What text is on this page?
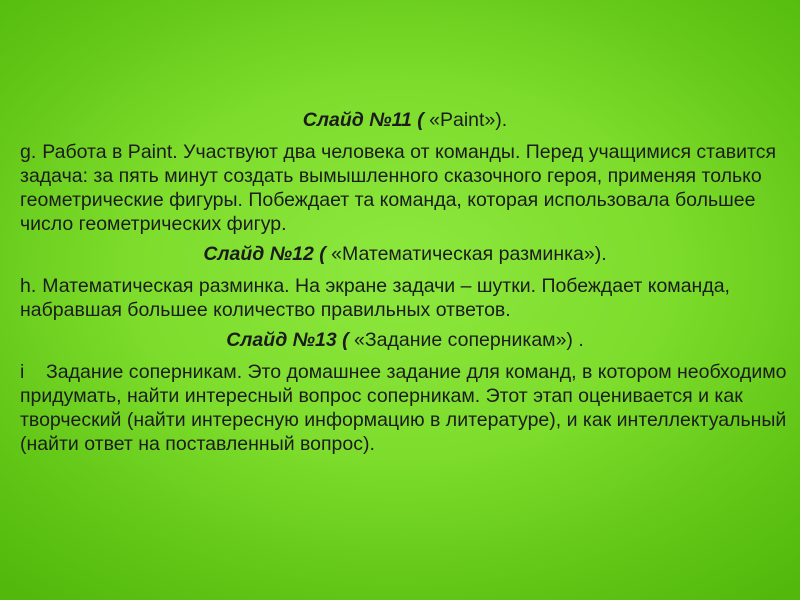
Слайд №11 ( «Paint»).

g. Работа в Paint. Участвуют два человека от команды. Перед учащимися ставится задача: за пять минут создать вымышленного сказочного героя, применяя только геометрические фигуры. Побеждает та команда, которая использовала большее число геометрических фигур.

Слайд №12 ( «Математическая разминка»).

h. Математическая разминка. На экране задачи – шутки. Побеждает команда, набравшая большее количество правильных ответов.

Слайд №13 ( «Задание соперникам») .

i Задание соперникам. Это домашнее задание для команд, в котором необходимо придумать, найти интересный вопрос соперникам. Этот этап оценивается и как творческий (найти интересную информацию в литературе), и как интеллектуальный (найти ответ на поставленный вопрос).
